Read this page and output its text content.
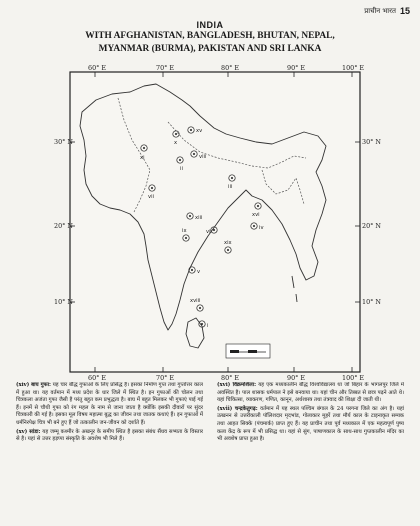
प्राचीन भारत 15
INDIA
WITH AFGHANISTAN, BANGLADESH, BHUTAN, NEPAL,
MYANMAR (BURMA), PAKISTAN AND SRI LANKA
60° E	70° E	80° E	90° E	100° E
60° E	70° E	80° E	90° E	100° E
30° N
20° N
10° N
30° N
20° N
10° N
xi
x
xv
viii
ii
vii
iii
xiii	xvi
ix	vi
iv
xix
v
xviii
i

(xiv) बाघ गुफा: यह चार बौद्ध गुफाओं के लिए प्रसिद्ध है। इसका निर्माण गुप्त तथा गुप्तोत्तर काल में हुआ था। यह वर्तमान में मध्य प्रदेश के धार जिले में स्थित है। इन गुफाओं की चोलन तथा चित्रकला अजंता गुफा जैसी है परंतु बहुत कम प्रभुद्धता है। बाघ में बहुत मिलकर भी गुफाएं पाई गई हैं। इनमें से चौथी गुफा को रंग महल के नाम से जाना जाता है क्योंकि इसकी दीवारों पर सुंदर चित्रकारी की गई है। इसका मूल विषय महात्मा बुद्ध का जीवन तथा जातक कथाएं हैं। इन गुफाओं में धर्मनिरपेक्ष चित्र भी बने हुए हैं जो तत्कालीन जन-जीवन को दर्शाते हैं।

(xv) सांडा: यह जम्मू कश्मीर के अखनूर के समीप स्थित है इसका संबंध सैंधव सभ्यता के विस्तार से है। यहां से उत्तर हड़प्पा संस्कृति के अवशेष भी मिले हैं।

(xvi) विक्रमशिला: यह एक मध्यकालीन बौद्ध विश्वविद्यालय था जो बिहार के भागलपुर जिले में अवस्थित है। पाल शासक धर्मपाल ने इसे बनवाया था। यहां चीन और तिब्बत से छात्र पढ़ने आते थे। यहां चिकित्सा, व्याकरण, गणित, कानून, अर्थशास्त्र तथा तंत्रवाद की शिक्षा दी जाती थी।

(xvii) चन्द्रकेतुगढ़: वर्तमान में यह स्थल पश्चिम बंगाल के 24 परगना जिले का अंग है। यहां उत्खनन से उत्तरीकाली पॉलिशदार मृदभांड, गोलाकार मुहरें तथा मौर्य काल के टाइनाकृत सम्यक तथा आहत सिक्के (पंचमार्क) प्राप्त हुए हैं। यह प्राचीन तथा पूर्व मध्यकाल में एक महत्वपूर्ण पुष्य कला केंद्र के रूप में भी प्रसिद्ध था। यहां से सुंग, पाषाणकाल के साथ-साथ गुप्तकालीन मंदिर का भी अवशेष प्राप्त हुआ है।
